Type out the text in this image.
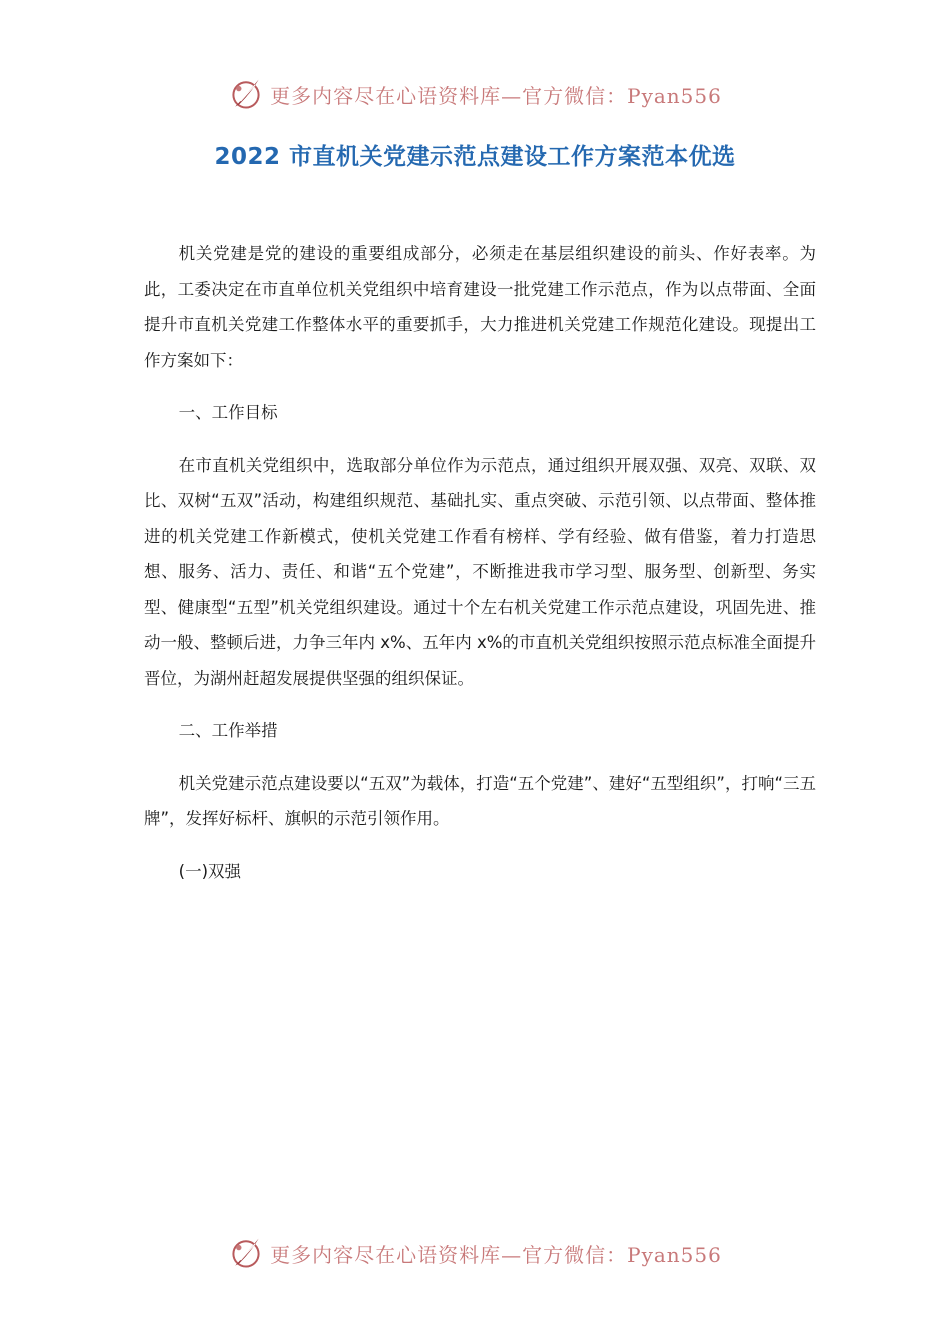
更多内容尽在心语资料库—官方微信：Pyan556
2022 市直机关党建示范点建设工作方案范本优选

机关党建是党的建设的重要组成部分，必须走在基层组织建设的前头、作好表率。为此，工委决定在市直单位机关党组织中培育建设一批党建工作示范点，作为以点带面、全面提升市直机关党建工作整体水平的重要抓手，大力推进机关党建工作规范化建设。现提出工作方案如下：

一、工作目标

在市直机关党组织中，选取部分单位作为示范点，通过组织开展双强、双亮、双联、双比、双树“五双”活动，构建组织规范、基础扎实、重点突破、示范引领、以点带面、整体推进的机关党建工作新模式，使机关党建工作看有榜样、学有经验、做有借鉴，着力打造思想、服务、活力、责任、和谐“五个党建”，不断推进我市学习型、服务型、创新型、务实型、健康型“五型”机关党组织建设。通过十个左右机关党建工作示范点建设，巩固先进、推动一般、整顿后进，力争三年内 x%、五年内 x%的市直机关党组织按照示范点标准全面提升晋位，为湖州赶超发展提供坚强的组织保证。

二、工作举措

机关党建示范点建设要以“五双”为载体，打造“五个党建”、建好“五型组织”，打响“三五牌”，发挥好标杆、旗帜的示范引领作用。

(一)双强

更多内容尽在心语资料库—官方微信：Pyan556
